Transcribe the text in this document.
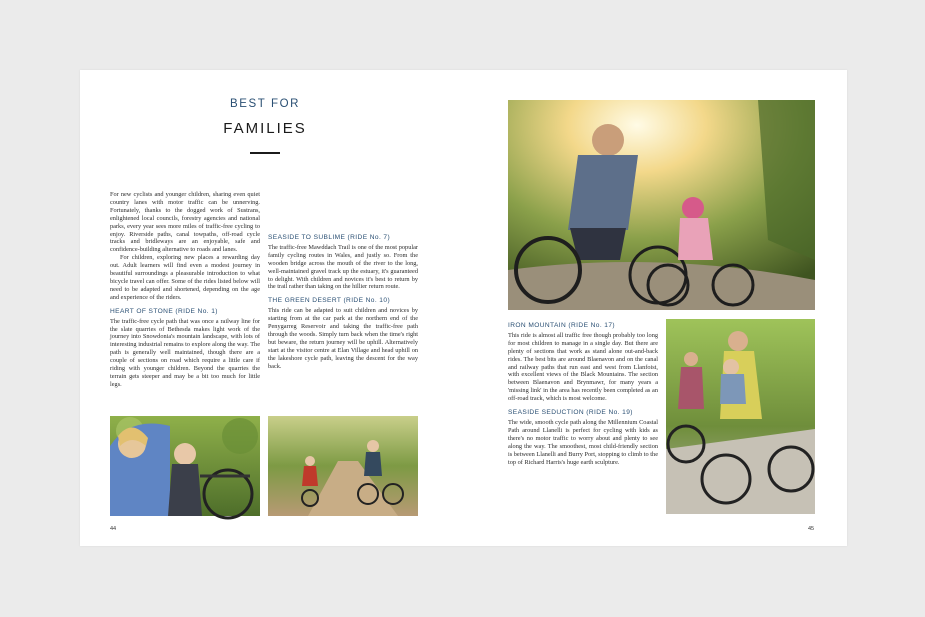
BEST FOR
FAMILIES

For new cyclists and younger children, sharing even quiet country lanes with motor traffic can be unnerving. Fortunately, thanks to the dogged work of Sustrans, enlightened local councils, forestry agencies and national parks, every year sees more miles of traffic-free cycling to enjoy. Riverside paths, canal towpaths, off-road cycle tracks and bridleways are an enjoyable, safe and confidence-building alternative to roads and lanes.

For children, exploring new places a rewarding day out. Adult learners will find even a modest journey in beautiful surroundings a pleasurable introduction to what bicycle travel can offer. Some of the rides listed below will need to be adapted and shortened, depending on the age and experience of the riders.

HEART OF STONE (RIDE No. 1)

The traffic-free cycle path that was once a railway line for the slate quarries of Bethesda makes light work of the journey into Snowdonia's mountain landscape, with lots of interesting industrial remains to explore along the way. The path is generally well maintained, though there are a couple of sections on road which require a little care if riding with younger children. Beyond the quarries the terrain gets steeper and may be a bit too much for little legs.

SEASIDE TO SUBLIME (RIDE No. 7)

The traffic-free Mawddach Trail is one of the most popular family cycling routes in Wales, and justly so. From the wooden bridge across the mouth of the river to the long, well-maintained gravel track up the estuary, it's guaranteed to delight. With children and novices it's best to return by the trail rather than taking on the hillier return route.

THE GREEN DESERT (RIDE No. 10)

This ride can be adapted to suit children and novices by starting from at the car park at the northern end of the Penygarreg Reservoir and taking the traffic-free path through the woods. Simply turn back when the time's right but beware, the return journey will be uphill. Alternatively start at the visitor centre at Elan Village and head uphill on the lakeshore cycle path, leaving the descent for the way back.

IRON MOUNTAIN (RIDE No. 17)

This ride is almost all traffic free though probably too long for most children to manage in a single day. But there are plenty of sections that work as stand alone out-and-back rides. The best bits are around Blaenavon and on the canal and railway paths that run east and west from Llanfoist, with excellent views of the Black Mountains. The section between Blaenavon and Brynmawr, for many years a 'missing link' in the area has recently been completed as an off-road track, which is most welcome.

SEASIDE SEDUCTION (RIDE No. 19)

The wide, smooth cycle path along the Millennium Coastal Path around Llanelli is perfect for cycling with kids as there's no motor traffic to worry about and plenty to see along the way. The smoothest, most child-friendly section is between Llanelli and Burry Port, stopping to climb to the top of Richard Harris's huge earth sculpture.

44	45
